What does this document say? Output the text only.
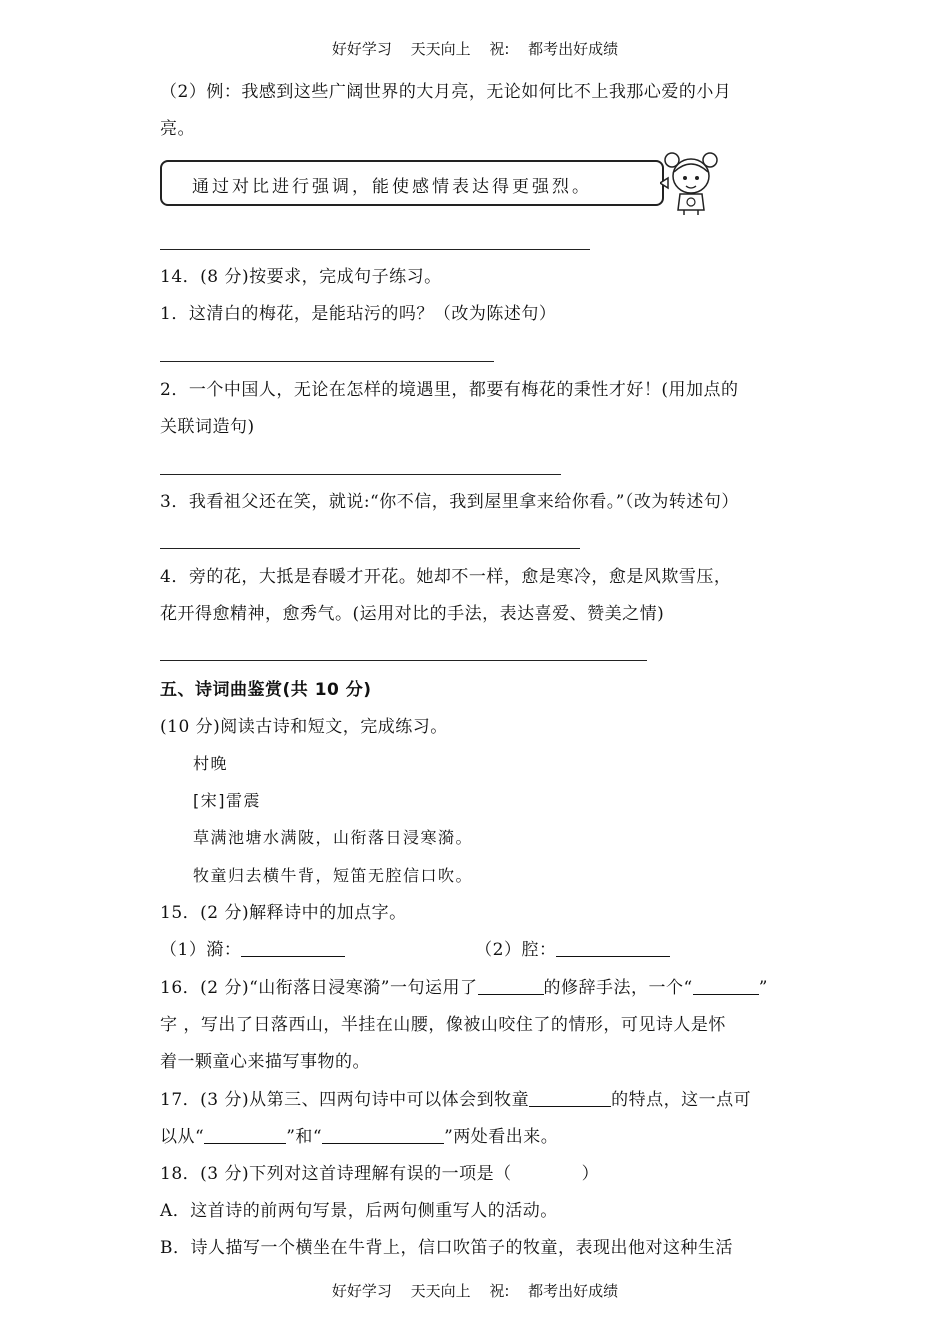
好好学习 天天向上 祝: 都考出好成绩
（2）例：我感到这些广阔世界的大月亮，无论如何比不上我那心爱的小月
亮。
通过对比进行强调，能使感情表达得更强烈。
14．(8 分)按要求，完成句子练习。
1．这清白的梅花，是能玷污的吗？（改为陈述句）
2．一个中国人，无论在怎样的境遇里，都要有梅花的秉性才好！(用加点的
关联词造句)
3．我看祖父还在笑，就说:“你不信，我到屋里拿来给你看。”（改为转述句）
4．旁的花，大抵是春暖才开花。她却不一样，愈是寒冷，愈是风欺雪压，
花开得愈精神，愈秀气。(运用对比的手法，表达喜爱、赞美之情)
五、诗词曲鉴赏(共 10 分)
(10 分)阅读古诗和短文，完成练习。
村晚
[宋]雷震
草满池塘水满陂，山衔落日浸寒漪。
牧童归去横牛背，短笛无腔信口吹。
15．(2 分)解释诗中的加点字。
（1）漪：	（2）腔：
16．(2 分)“山衔落日浸寒漪”一句运用了	的修辞手法，一个“	”
字 ，写出了日落西山，半挂在山腰，像被山咬住了的情形，可见诗人是怀
着一颗童心来描写事物的。
17．(3 分)从第三、四两句诗中可以体会到牧童	的特点，这一点可
以从“	”和“	”两处看出来。
18．(3 分)下列对这首诗理解有误的一项是（　　　　）
A．这首诗的前两句写景，后两句侧重写人的活动。
B．诗人描写一个横坐在牛背上，信口吹笛子的牧童，表现出他对这种生活
好好学习 天天向上 祝: 都考出好成绩
